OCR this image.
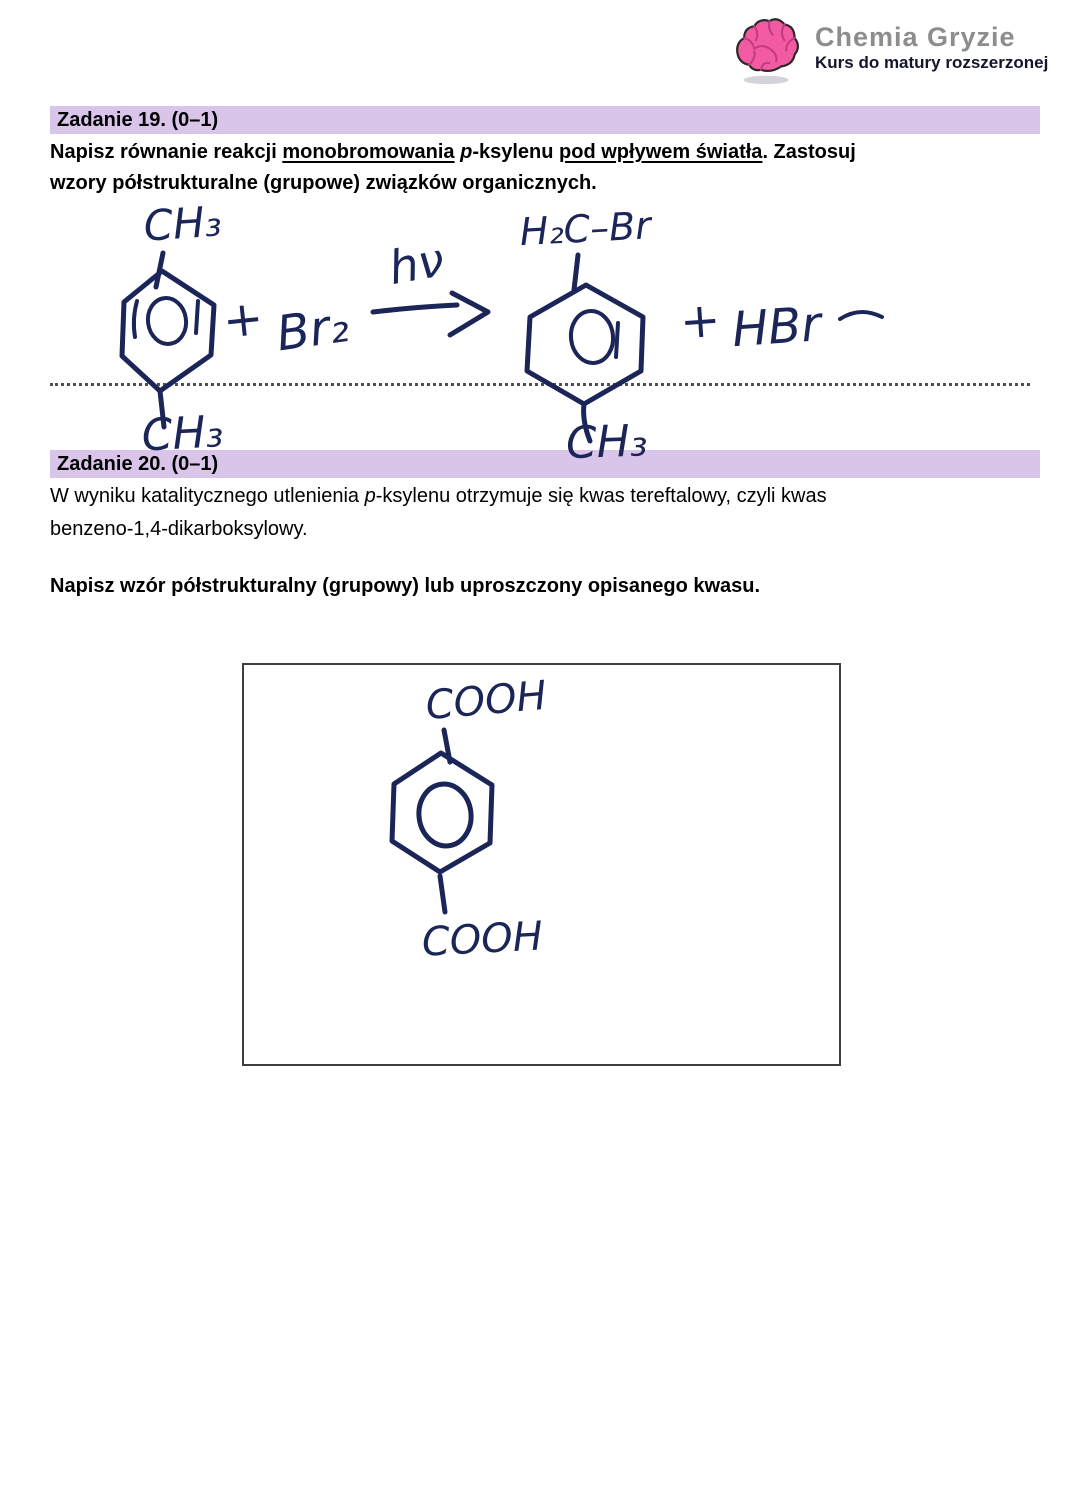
Chemia Gryzie
Kurs do matury rozszerzonej
Zadanie 19. (0–1)
Napisz równanie reakcji monobromowania p-ksylenu pod wpływem światła. Zastosuj
wzory półstrukturalne (grupowe) związków organicznych.
Zadanie 20. (0–1)
W wyniku katalitycznego utlenienia p-ksylenu otrzymuje się kwas tereftalowy, czyli kwas
benzeno-1,4-dikarboksylowy.
Napisz wzór półstrukturalny (grupowy) lub uproszczony opisanego kwasu.
CH₃
CH₃
+ Br₂
hν
H₂C–Br
CH₃
+ HBr
COOH
COOH
